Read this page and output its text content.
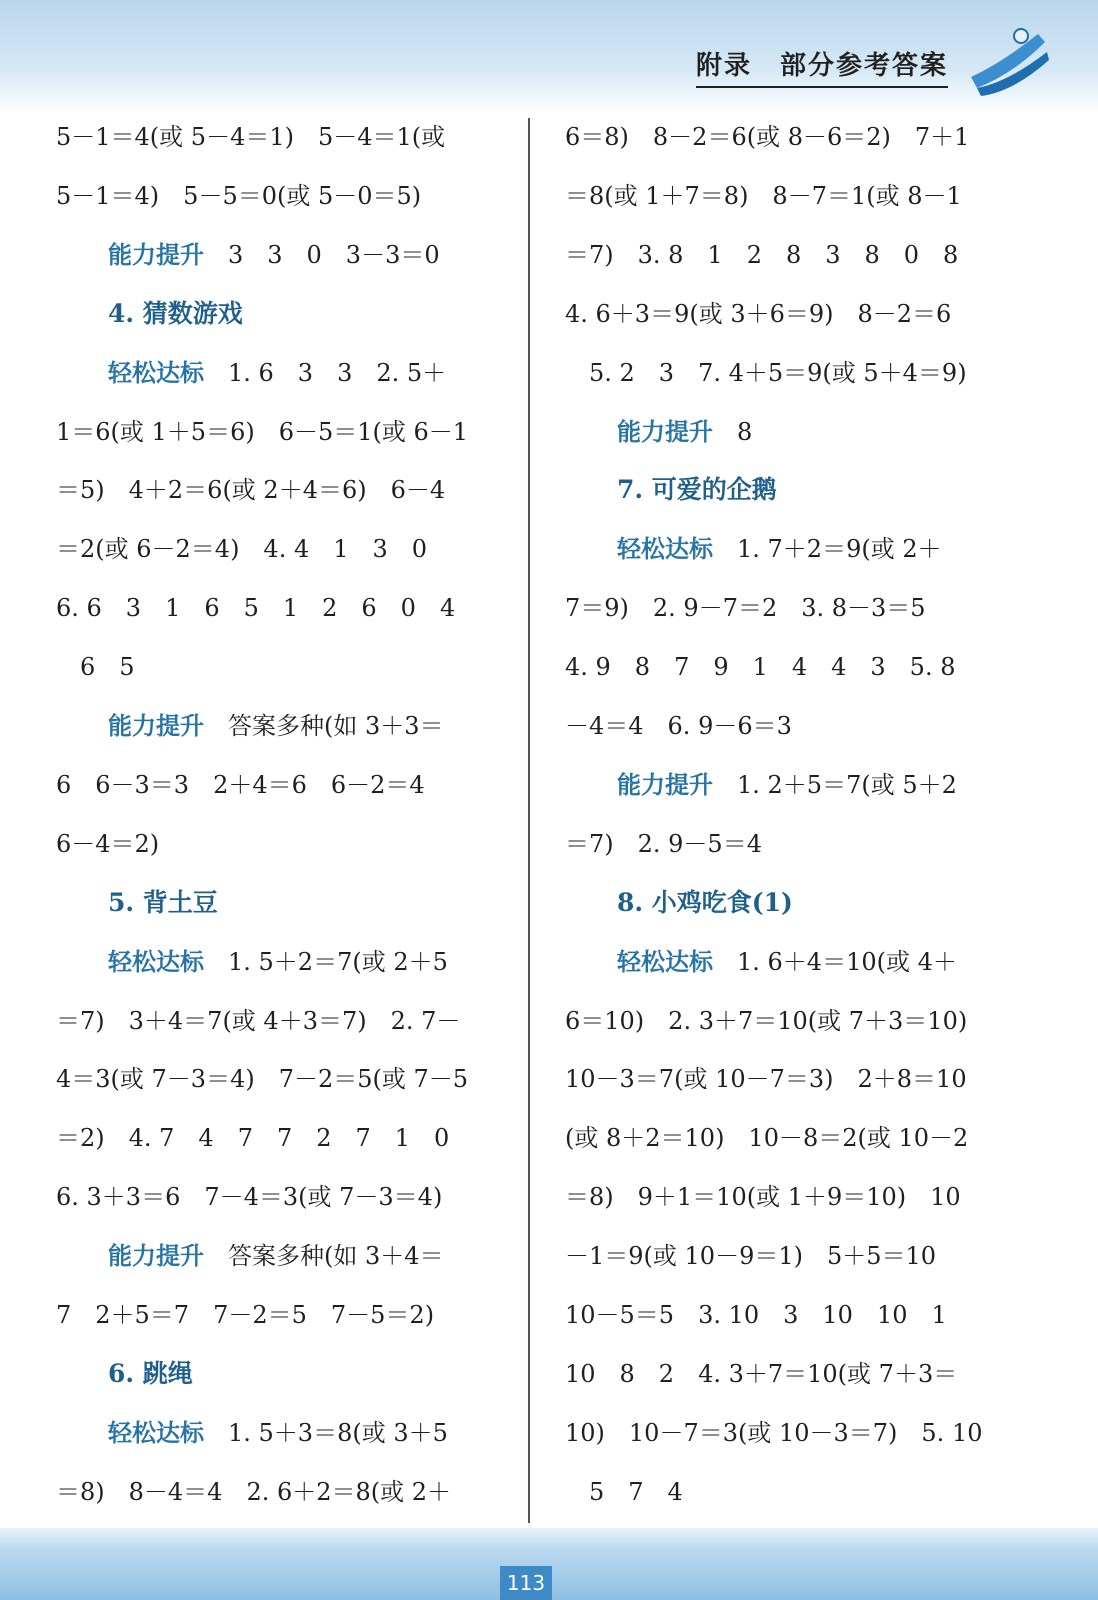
附录　部分参考答案
5－1＝4(或 5－4＝1)　5－4＝1(或
5－1＝4)　5－5＝0(或 5－0＝5)
能力提升　3　3　0　3－3＝0
4. 猜数游戏
轻松达标　1. 6　3　3　2. 5＋
1＝6(或 1＋5＝6)　6－5＝1(或 6－1
＝5)　4＋2＝6(或 2＋4＝6)　6－4
＝2(或 6－2＝4)　4. 4　1　3　0
6. 6　3　1　6　5　1　2　6　0　4
　6　5
能力提升　答案多种(如 3＋3＝
6　6－3＝3　2＋4＝6　6－2＝4
6－4＝2)
5. 背土豆
轻松达标　1. 5＋2＝7(或 2＋5
＝7)　3＋4＝7(或 4＋3＝7)　2. 7－
4＝3(或 7－3＝4)　7－2＝5(或 7－5
＝2)　4. 7　4　7　7　2　7　1　0
6. 3＋3＝6　7－4＝3(或 7－3＝4)
能力提升　答案多种(如 3＋4＝
7　2＋5＝7　7－2＝5　7－5＝2)
6. 跳绳
轻松达标　1. 5＋3＝8(或 3＋5
＝8)　8－4＝4　2. 6＋2＝8(或 2＋
6＝8)　8－2＝6(或 8－6＝2)　7＋1
＝8(或 1＋7＝8)　8－7＝1(或 8－1
＝7)　3. 8　1　2　8　3　8　0　8
4. 6＋3＝9(或 3＋6＝9)　8－2＝6
　5. 2　3　7. 4＋5＝9(或 5＋4＝9)
能力提升　8
7. 可爱的企鹅
轻松达标　1. 7＋2＝9(或 2＋
7＝9)　2. 9－7＝2　3. 8－3＝5
4. 9　8　7　9　1　4　4　3　5. 8
－4＝4　6. 9－6＝3
能力提升　1. 2＋5＝7(或 5＋2
＝7)　2. 9－5＝4
8. 小鸡吃食(1)
轻松达标　1. 6＋4＝10(或 4＋
6＝10)　2. 3＋7＝10(或 7＋3＝10)
10－3＝7(或 10－7＝3)　2＋8＝10
(或 8＋2＝10)　10－8＝2(或 10－2
＝8)　9＋1＝10(或 1＋9＝10)　10
－1＝9(或 10－9＝1)　5＋5＝10
10－5＝5　3. 10　3　10　10　1
10　8　2　4. 3＋7＝10(或 7＋3＝
10)　10－7＝3(或 10－3＝7)　5. 10
　5　7　4
113
